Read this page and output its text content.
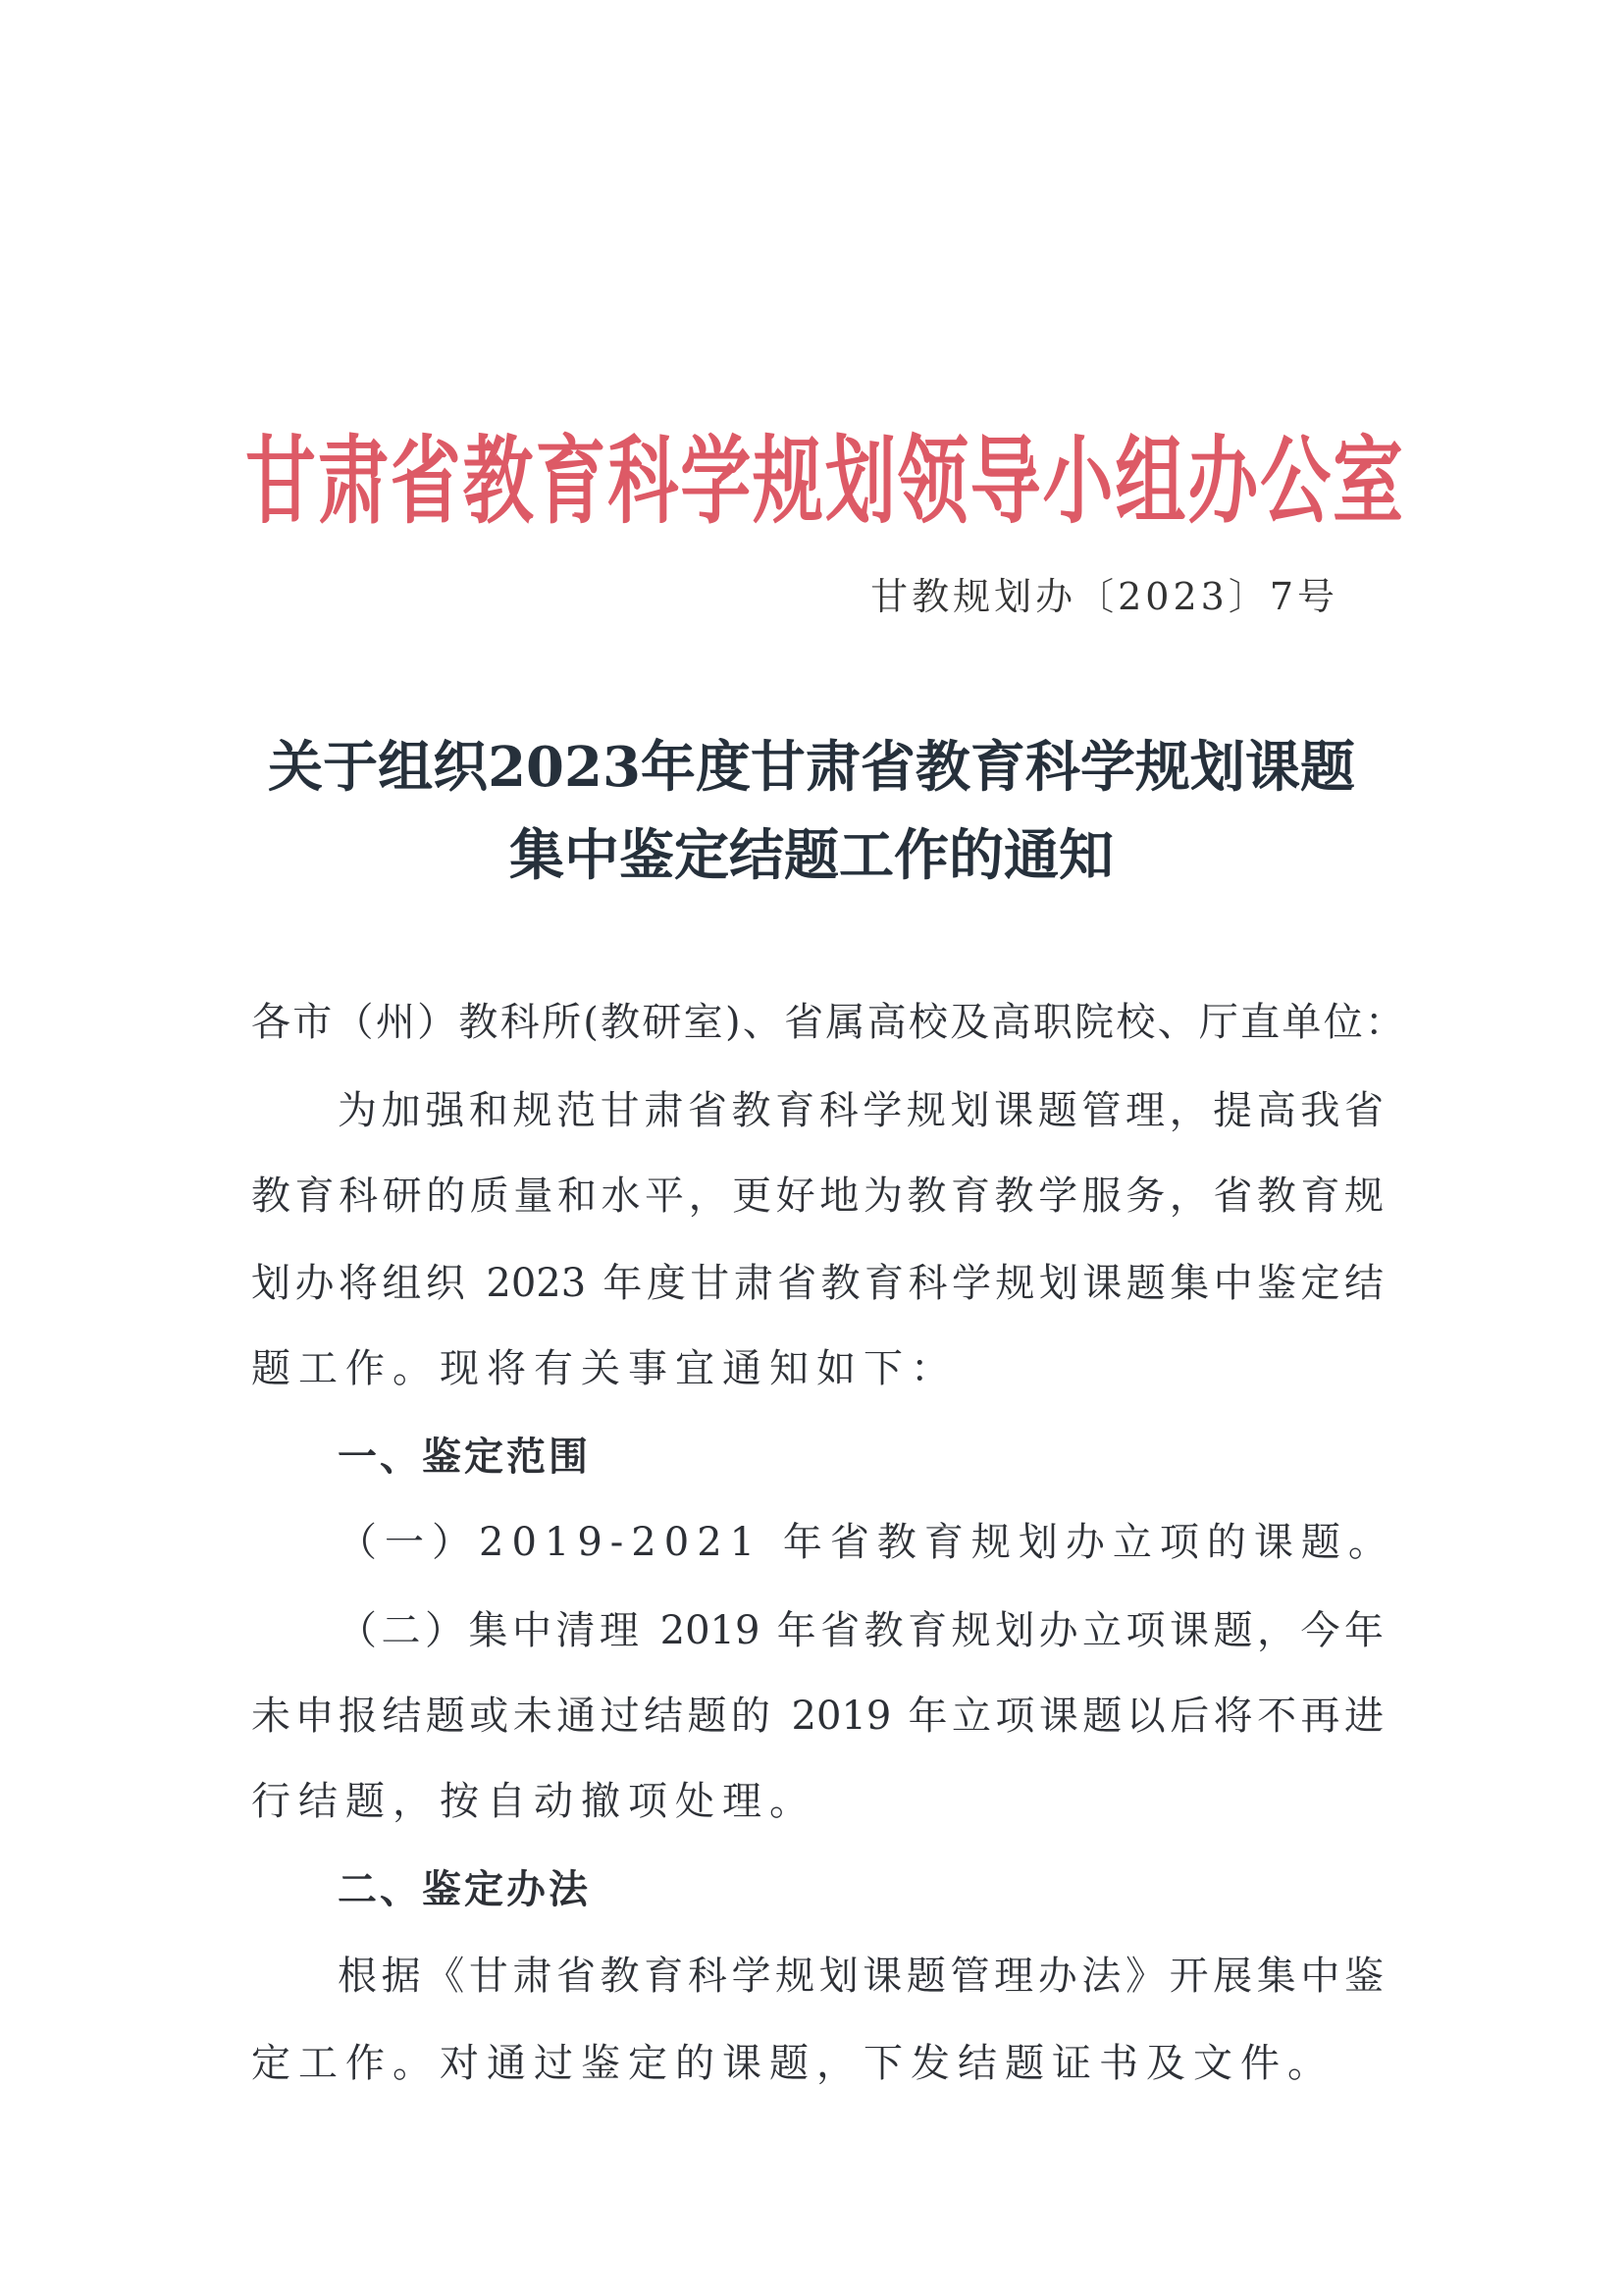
甘肃省教育科学规划领导小组办公室
甘教规划办〔2023〕7号
关于组织2023年度甘肃省教育科学规划课题
集中鉴定结题工作的通知
各市（州）教科所(教研室)、省属高校及高职院校、厅直单位：
为加强和规范甘肃省教育科学规划课题管理，提高我省
教育科研的质量和水平，更好地为教育教学服务，省教育规
划办将组织 2023 年度甘肃省教育科学规划课题集中鉴定结
题工作。现将有关事宜通知如下：
一、鉴定范围
（一）2019-2021 年省教育规划办立项的课题。
（二）集中清理 2019 年省教育规划办立项课题，今年
未申报结题或未通过结题的 2019 年立项课题以后将不再进
行结题，按自动撤项处理。
二、鉴定办法
根据《甘肃省教育科学规划课题管理办法》开展集中鉴
定工作。对通过鉴定的课题，下发结题证书及文件。
